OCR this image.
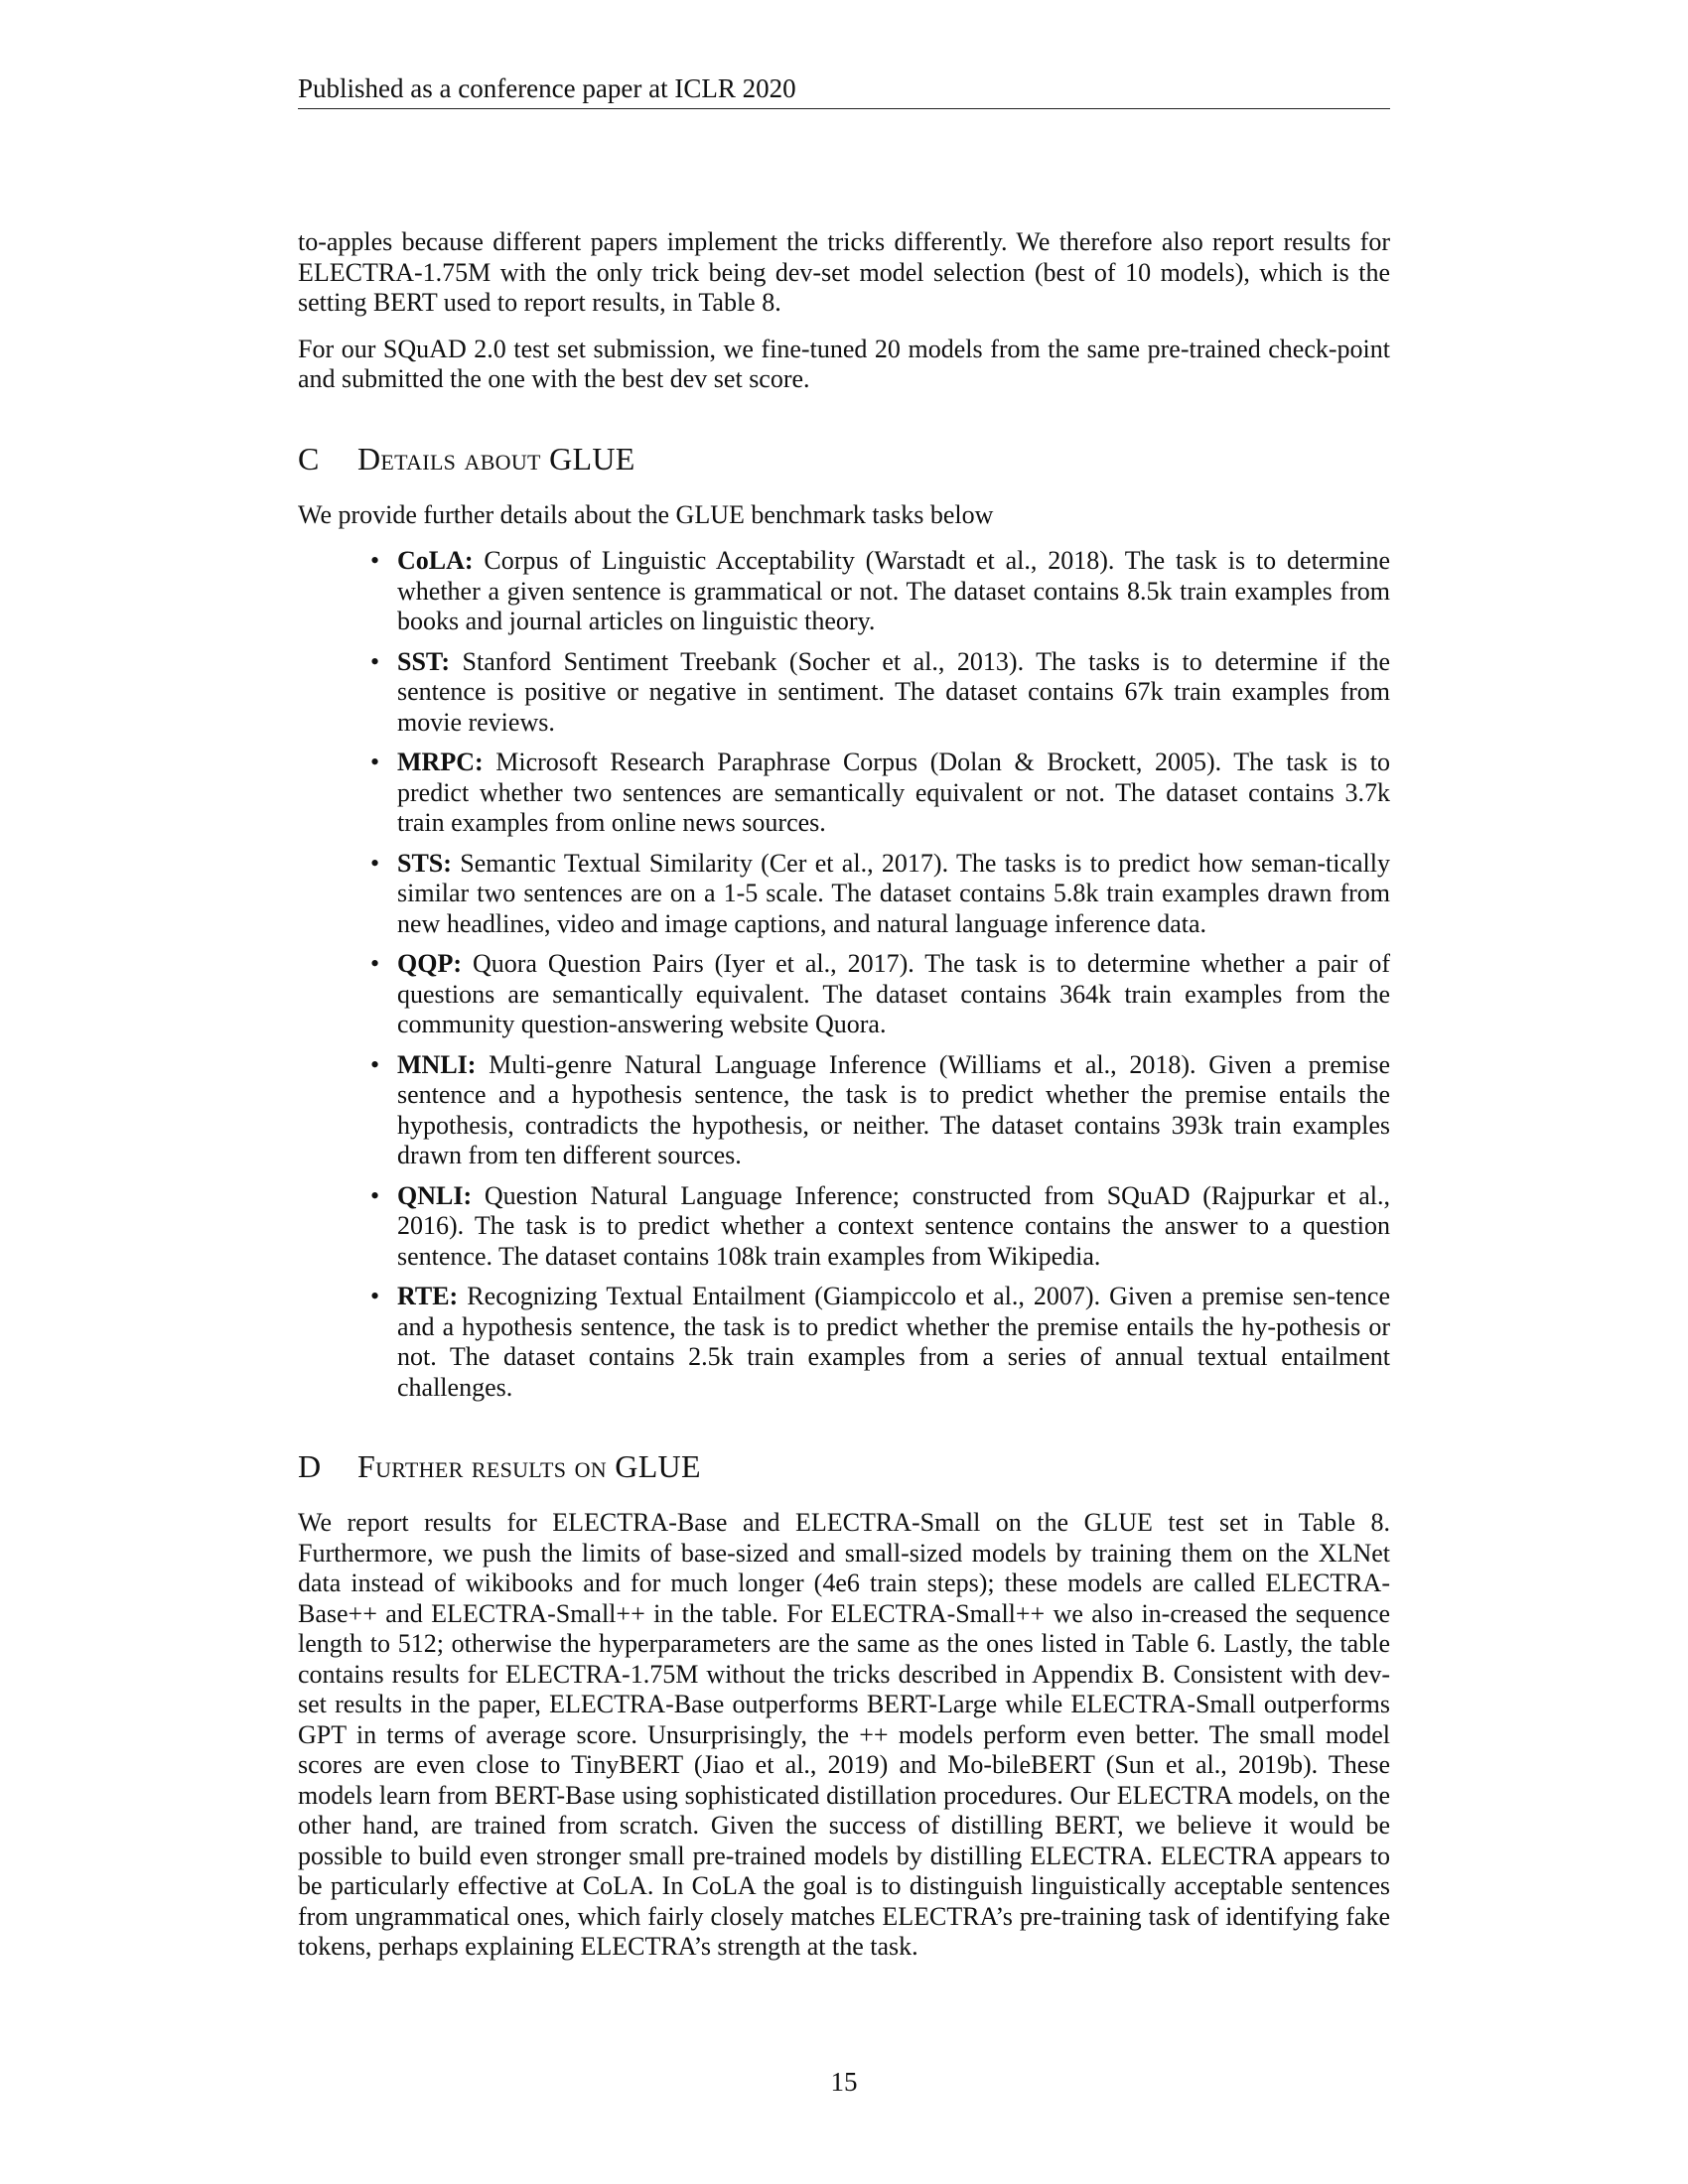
Published as a conference paper at ICLR 2020

to-apples because different papers implement the tricks differently. We therefore also report results for ELECTRA-1.75M with the only trick being dev-set model selection (best of 10 models), which is the setting BERT used to report results, in Table 8.

For our SQuAD 2.0 test set submission, we fine-tuned 20 models from the same pre-trained check-point and submitted the one with the best dev set score.

C Details about GLUE

We provide further details about the GLUE benchmark tasks below

• CoLA: Corpus of Linguistic Acceptability (Warstadt et al., 2018). The task is to determine whether a given sentence is grammatical or not. The dataset contains 8.5k train examples from books and journal articles on linguistic theory.
• SST: Stanford Sentiment Treebank (Socher et al., 2013). The tasks is to determine if the sentence is positive or negative in sentiment. The dataset contains 67k train examples from movie reviews.
• MRPC: Microsoft Research Paraphrase Corpus (Dolan & Brockett, 2005). The task is to predict whether two sentences are semantically equivalent or not. The dataset contains 3.7k train examples from online news sources.
• STS: Semantic Textual Similarity (Cer et al., 2017). The tasks is to predict how seman-tically similar two sentences are on a 1-5 scale. The dataset contains 5.8k train examples drawn from new headlines, video and image captions, and natural language inference data.
• QQP: Quora Question Pairs (Iyer et al., 2017). The task is to determine whether a pair of questions are semantically equivalent. The dataset contains 364k train examples from the community question-answering website Quora.
• MNLI: Multi-genre Natural Language Inference (Williams et al., 2018). Given a premise sentence and a hypothesis sentence, the task is to predict whether the premise entails the hypothesis, contradicts the hypothesis, or neither. The dataset contains 393k train examples drawn from ten different sources.
• QNLI: Question Natural Language Inference; constructed from SQuAD (Rajpurkar et al., 2016). The task is to predict whether a context sentence contains the answer to a question sentence. The dataset contains 108k train examples from Wikipedia.
• RTE: Recognizing Textual Entailment (Giampiccolo et al., 2007). Given a premise sen-tence and a hypothesis sentence, the task is to predict whether the premise entails the hy-pothesis or not. The dataset contains 2.5k train examples from a series of annual textual entailment challenges.
D Further results on GLUE

We report results for ELECTRA-Base and ELECTRA-Small on the GLUE test set in Table 8. Furthermore, we push the limits of base-sized and small-sized models by training them on the XLNet data instead of wikibooks and for much longer (4e6 train steps); these models are called ELECTRA-Base++ and ELECTRA-Small++ in the table. For ELECTRA-Small++ we also in-creased the sequence length to 512; otherwise the hyperparameters are the same as the ones listed in Table 6. Lastly, the table contains results for ELECTRA-1.75M without the tricks described in Appendix B. Consistent with dev-set results in the paper, ELECTRA-Base outperforms BERT-Large while ELECTRA-Small outperforms GPT in terms of average score. Unsurprisingly, the ++ models perform even better. The small model scores are even close to TinyBERT (Jiao et al., 2019) and Mo-bileBERT (Sun et al., 2019b). These models learn from BERT-Base using sophisticated distillation procedures. Our ELECTRA models, on the other hand, are trained from scratch. Given the success of distilling BERT, we believe it would be possible to build even stronger small pre-trained models by distilling ELECTRA. ELECTRA appears to be particularly effective at CoLA. In CoLA the goal is to distinguish linguistically acceptable sentences from ungrammatical ones, which fairly closely matches ELECTRA’s pre-training task of identifying fake tokens, perhaps explaining ELECTRA’s strength at the task.

15
